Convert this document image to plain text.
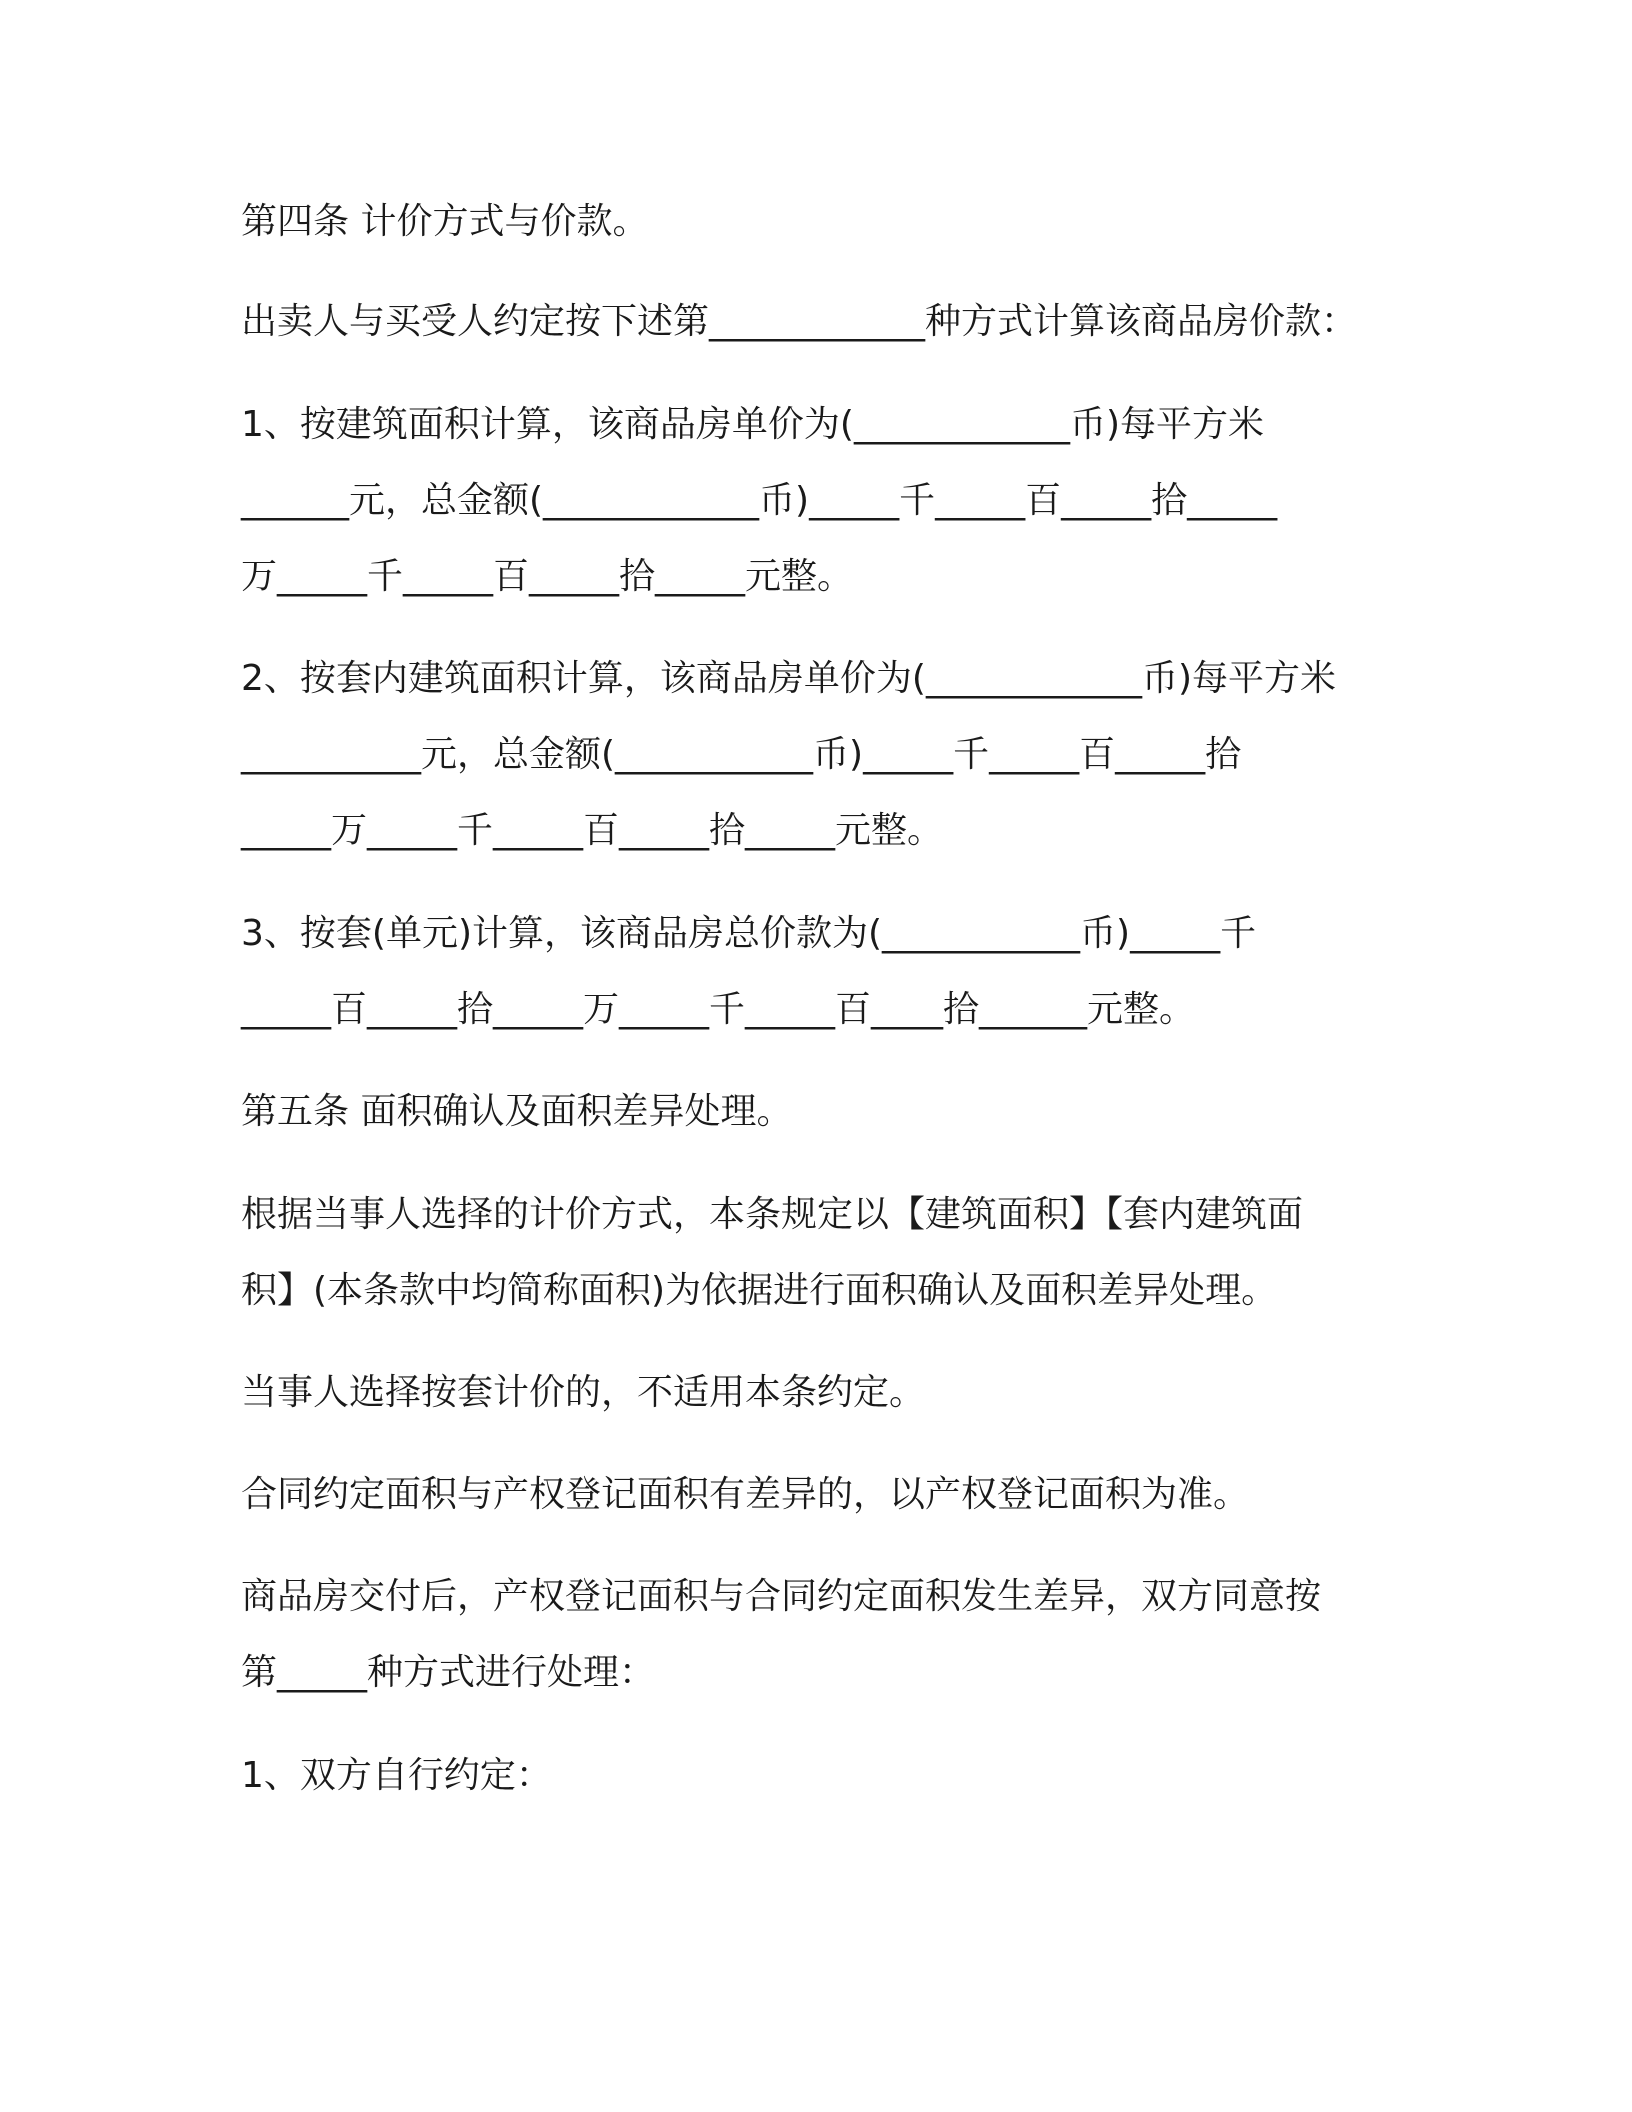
第四条 计价方式与价款。
出卖人与买受人约定按下述第____________种方式计算该商品房价款：
1、按建筑面积计算，该商品房单价为(____________币)每平方米
______元，总金额(____________币)_____千_____百_____拾_____
万_____千_____百_____拾_____元整。
2、按套内建筑面积计算，该商品房单价为(____________币)每平方米
__________元，总金额(___________币)_____千_____百_____拾
_____万_____千_____百_____拾_____元整。
3、按套(单元)计算，该商品房总价款为(___________币)_____千
_____百_____拾_____万_____千_____百____拾______元整。
第五条 面积确认及面积差异处理。
根据当事人选择的计价方式，本条规定以【建筑面积】【套内建筑面
积】(本条款中均简称面积)为依据进行面积确认及面积差异处理。
当事人选择按套计价的，不适用本条约定。
合同约定面积与产权登记面积有差异的，以产权登记面积为准。
商品房交付后，产权登记面积与合同约定面积发生差异，双方同意按
第_____种方式进行处理：
1、双方自行约定：
